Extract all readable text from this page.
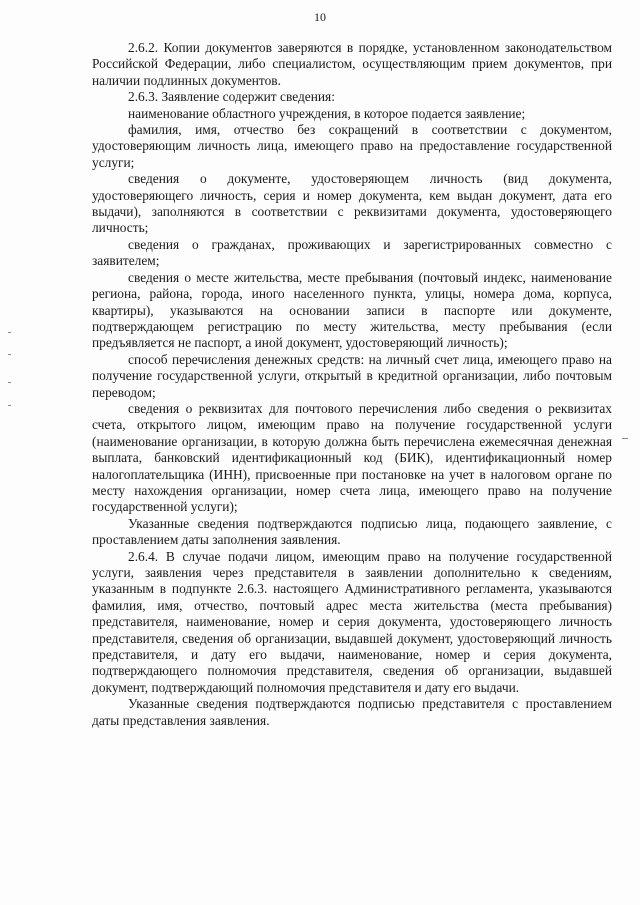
10

2.6.2. Копии документов заверяются в порядке, установленном законодательством Российской Федерации, либо специалистом, осуществляющим прием документов, при наличии подлинных документов.

2.6.3. Заявление содержит сведения:

наименование областного учреждения, в которое подается заявление;

фамилия, имя, отчество без сокращений в соответствии с документом, удостоверяющим личность лица, имеющего право на предоставление государственной услуги;

сведения о документе, удостоверяющем личность (вид документа, удостоверяющего личность, серия и номер документа, кем выдан документ, дата его выдачи), заполняются в соответствии с реквизитами документа, удостоверяющего личность;

сведения о гражданах, проживающих и зарегистрированных совместно с заявителем;

сведения о месте жительства, месте пребывания (почтовый индекс, наименование региона, района, города, иного населенного пункта, улицы, номера дома, корпуса, квартиры), указываются на основании записи в паспорте или документе, подтверждающем регистрацию по месту жительства, месту пребывания (если предъявляется не паспорт, а иной документ, удостоверяющий личность);

способ перечисления денежных средств: на личный счет лица, имеющего право на получение государственной услуги, открытый в кредитной организации, либо почтовым переводом;

сведения о реквизитах для почтового перечисления либо сведения о реквизитах счета, открытого лицом, имеющим право на получение государственной услуги (наименование организации, в которую должна быть перечислена ежемесячная денежная выплата, банковский идентификационный код (БИК), идентификационный номер налогоплательщика (ИНН), присвоенные при постановке на учет в налоговом органе по месту нахождения организации, номер счета лица, имеющего право на получение государственной услуги);

Указанные сведения подтверждаются подписью лица, подающего заявление, с проставлением даты заполнения заявления.

2.6.4. В случае подачи лицом, имеющим право на получение государственной услуги, заявления через представителя в заявлении дополнительно к сведениям, указанным в подпункте 2.6.3. настоящего Административного регламента, указываются фамилия, имя, отчество, почтовый адрес места жительства (места пребывания) представителя, наименование, номер и серия документа, удостоверяющего личность представителя, сведения об организации, выдавшей документ, удостоверяющий личность представителя, и дату его выдачи, наименование, номер и серия документа, подтверждающего полномочия представителя, сведения об организации, выдавшей документ, подтверждающий полномочия представителя и дату его выдачи.

Указанные сведения подтверждаются подписью представителя с проставлением даты представления заявления.
